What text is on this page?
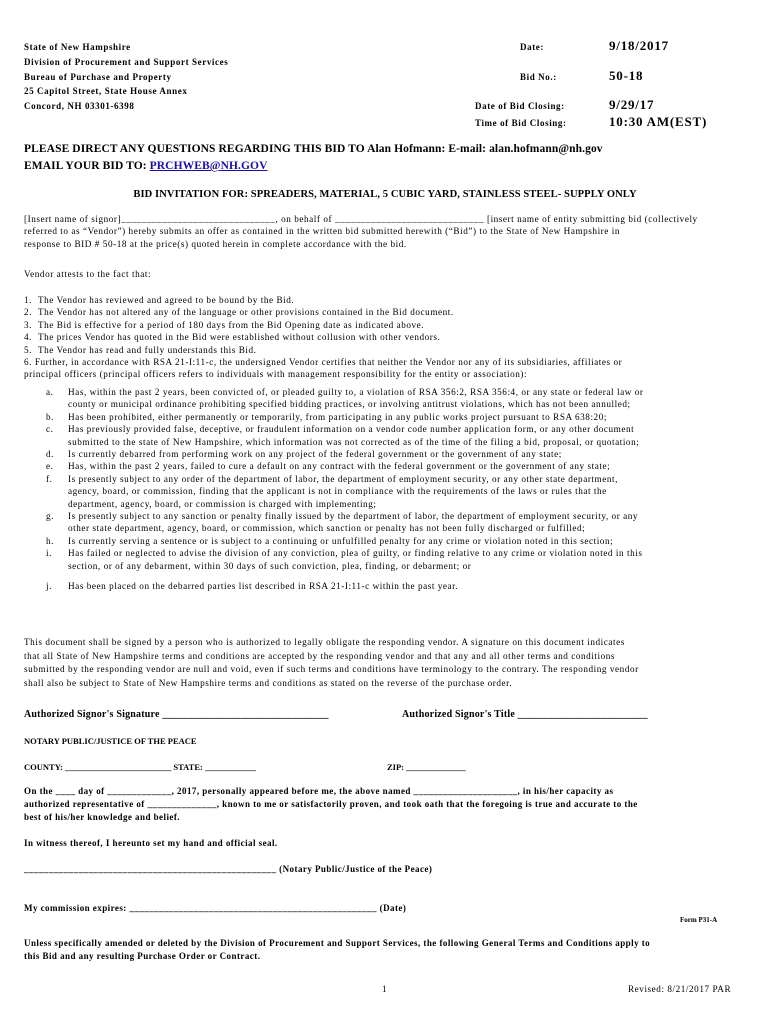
State of New Hampshire
Division of Procurement and Support Services
Bureau of Purchase and Property
25 Capitol Street, State House Annex
Concord, NH 03301-6398
Date:	9/18/2017
Bid No.:	50-18
Date of Bid Closing:	9/29/17
Time of Bid Closing:	10:30 AM(EST)
PLEASE DIRECT ANY QUESTIONS REGARDING THIS BID TO Alan Hofmann: E-mail: alan.hofmann@nh.gov
EMAIL YOUR BID TO: PRCHWEB@NH.GOV
BID INVITATION FOR: SPREADERS, MATERIAL, 5 CUBIC YARD, STAINLESS STEEL- SUPPLY ONLY
[Insert name of signor]______________________________, on behalf of _____________________________ [insert name of entity submitting bid (collectively
referred to as “Vendor”) hereby submits an offer as contained in the written bid submitted herewith (“Bid”) to the State of New Hampshire in
response to BID # 50-18 at the price(s) quoted herein in complete accordance with the bid.
Vendor attests to the fact that:
1. The Vendor has reviewed and agreed to be bound by the Bid.
2. The Vendor has not altered any of the language or other provisions contained in the Bid document.
3. The Bid is effective for a period of 180 days from the Bid Opening date as indicated above.
4. The prices Vendor has quoted in the Bid were established without collusion with other vendors.
5. The Vendor has read and fully understands this Bid.
6. Further, in accordance with RSA 21-I:11-c, the undersigned Vendor certifies that neither the Vendor nor any of its subsidiaries, affiliates or
principal officers (principal officers refers to individuals with management responsibility for the entity or association):
a. Has, within the past 2 years, been convicted of, or pleaded guilty to, a violation of RSA 356:2, RSA 356:4, or any state or federal law or
county or municipal ordinance prohibiting specified bidding practices, or involving antitrust violations, which has not been annulled;
b. Has been prohibited, either permanently or temporarily, from participating in any public works project pursuant to RSA 638:20;
c. Has previously provided false, deceptive, or fraudulent information on a vendor code number application form, or any other document
submitted to the state of New Hampshire, which information was not corrected as of the time of the filing a bid, proposal, or quotation;
d. Is currently debarred from performing work on any project of the federal government or the government of any state;
e. Has, within the past 2 years, failed to cure a default on any contract with the federal government or the government of any state;
f. Is presently subject to any order of the department of labor, the department of employment security, or any other state department,
agency, board, or commission, finding that the applicant is not in compliance with the requirements of the laws or rules that the
department, agency, board, or commission is charged with implementing;
g. Is presently subject to any sanction or penalty finally issued by the department of labor, the department of employment security, or any
other state department, agency, board, or commission, which sanction or penalty has not been fully discharged or fulfilled;
h. Is currently serving a sentence or is subject to a continuing or unfulfilled penalty for any crime or violation noted in this section;
i. Has failed or neglected to advise the division of any conviction, plea of guilty, or finding relative to any crime or violation noted in this
section, or of any debarment, within 30 days of such conviction, plea, finding, or debarment; or
j. Has been placed on the debarred parties list described in RSA 21-I:11-c within the past year.
This document shall be signed by a person who is authorized to legally obligate the responding vendor. A signature on this document indicates
that all State of New Hampshire terms and conditions are accepted by the responding vendor and that any and all other terms and conditions
submitted by the responding vendor are null and void, even if such terms and conditions have terminology to the contrary. The responding vendor
shall also be subject to State of New Hampshire terms and conditions as stated on the reverse of the purchase order.
Authorized Signor's Signature ________________________________	Authorized Signor's Title _________________________
NOTARY PUBLIC/JUSTICE OF THE PEACE
COUNTY: _________________________ STATE: ____________	ZIP: ______________
On the ____ day of _____________, 2017, personally appeared before me, the above named _____________________, in his/her capacity as
authorized representative of ______________, known to me or satisfactorily proven, and took oath that the foregoing is true and accurate to the
best of his/her knowledge and belief.
In witness thereof, I hereunto set my hand and official seal.
___________________________________________________ (Notary Public/Justice of the Peace)
My commission expires: __________________________________________________ (Date)
Form P31-A
Unless specifically amended or deleted by the Division of Procurement and Support Services, the following General Terms and Conditions apply to
this Bid and any resulting Purchase Order or Contract.
1	Revised: 8/21/2017 PAR
